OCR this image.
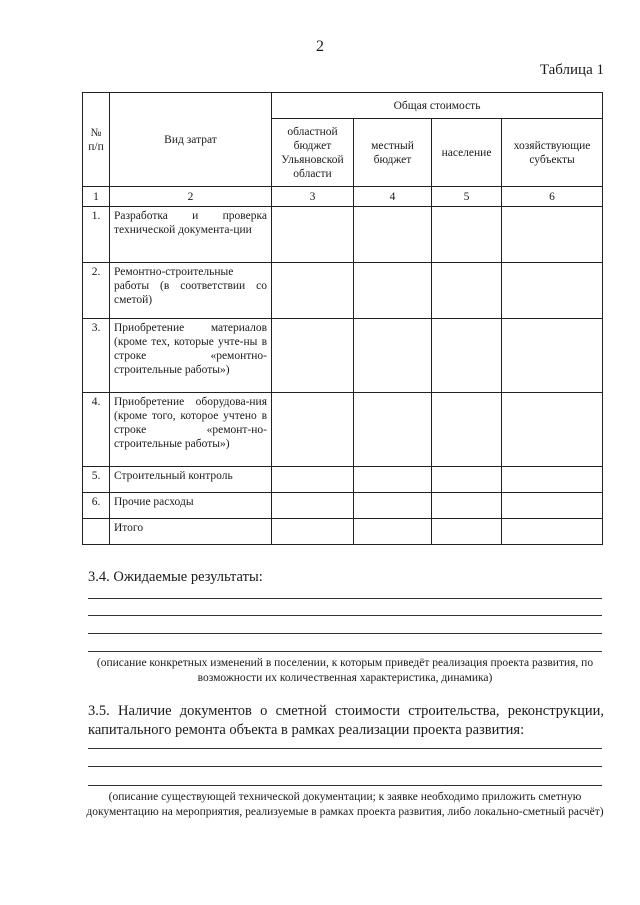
2
Таблица 1
№ п/п	Вид затрат	Общая стоимость			
		областной бюджет Ульяновской области	местный бюджет	население	хозяйствующие субъекты
1	2	3	4	5	6
1.	Разработка и проверка технической документа-ции				
2.	Ремонтно-строительные работы (в соответствии со сметой)				
3.	Приобретение материалов (кроме тех, которые учте-ны в строке «ремонтно-строительные работы»)				
4.	Приобретение оборудова-ния (кроме того, которое учтено в строке «ремонт-но-строительные работы»)				
5.	Строительный контроль				
6.	Прочие расходы				
	Итого				
3.4. Ожидаемые результаты:
(описание конкретных изменений в поселении, к которым приведёт реализация проекта развития, по возможности их количественная характеристика, динамика)
3.5. Наличие документов о сметной стоимости строительства, реконструкции, капитального ремонта объекта в рамках реализации проекта развития:
(описание существующей технической документации; к заявке необходимо приложить сметную документацию на мероприятия, реализуемые в рамках проекта развития, либо локально-сметный расчёт)
